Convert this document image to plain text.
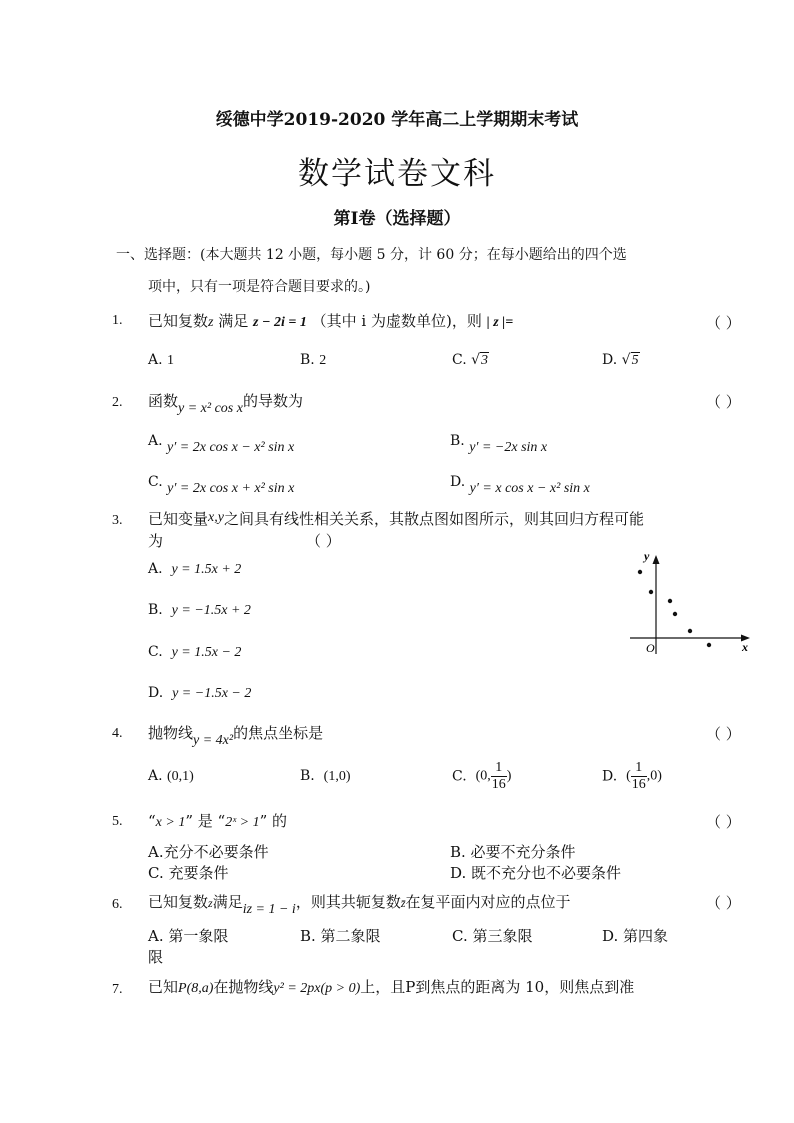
绥德中学2019-2020 学年高二上学期期末考试
数学试卷文科
第Ⅰ卷（选择题）
一、选择题：(本大题共 12 小题，每小题 5 分，计 60 分；在每小题给出的四个选
项中，只有一项是符合题目要求的。)
1. 已知复数z 满足 z − 2i = 1 （其中 i 为虚数单位)，则 | z |=	（ ）
A. 1	B. 2	C. √3	D. √5
2. 函数y = x² cos x的导数为	（ ）
A. y′ = 2x cos x − x² sin x	B. y′ = −2x sin x
C. y′ = 2x cos x + x² sin x	D. y′ = x cos x − x² sin x
3. 已知变量x,y之间具有线性相关关系，其散点图如图所示，则其回归方程可能
为	（ ）
A. y = 1.5x + 2
B. y = −1.5x + 2
C. y = 1.5x − 2
D. y = −1.5x − 2
y
x
O
4. 抛物线y = 4x²的焦点坐标是	（ ）
A. (0,1)	B. (1,0)	C. (0, $\frac{1}{16}$ )	D. ( $\frac{1}{16} ,0$)
5. “x > 1” 是 “2ˣ > 1” 的	（ ）
A.充分不必要条件	B. 必要不充分条件
C. 充要条件	D. 既不充分也不必要条件
6. 已知复数z满足iz = 1 − i，则其共轭复数z̄在复平面内对应的点位于	（ ）
A. 第一象限
限
B. 第二象限	C. 第三象限	D. 第四象
7. 已知P(8,a)在抛物线y² = 2px(p > 0)上，且P到焦点的距离为 10，则焦点到准
